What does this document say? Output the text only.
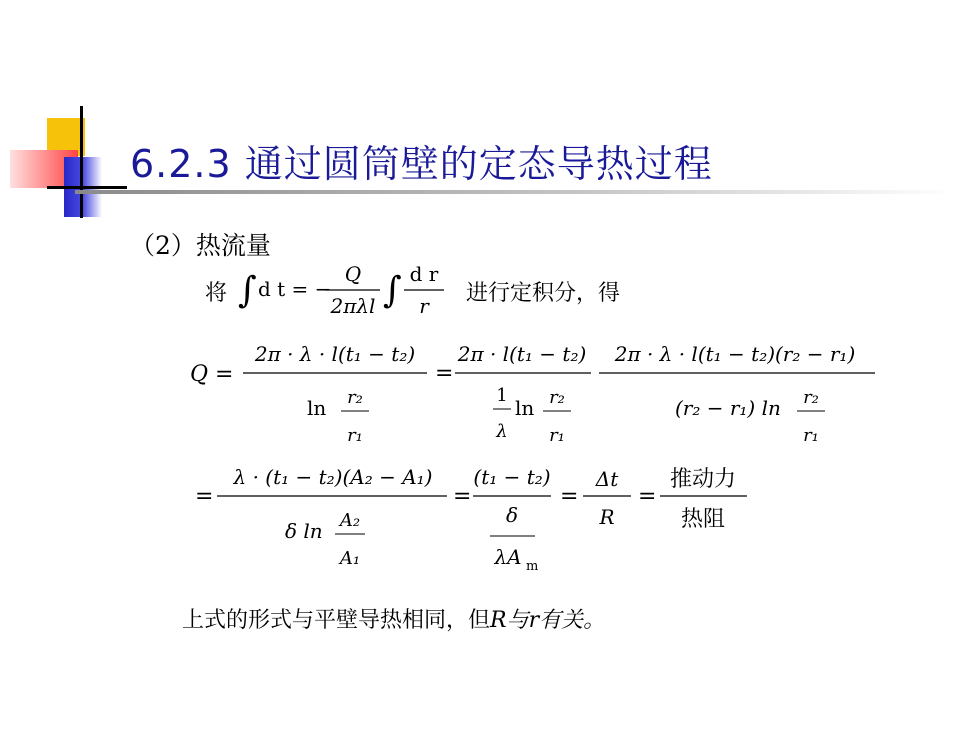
6.2.3 通过圆筒壁的定态导热过程
（2）热流量
将 ∫ d t = −
Q
2πλl ∫ d r
r 进行定积分，得
Q =
2π · λ · l(t₁ − t₂)
ln r₂
r₁
=
2π · l(t₁ − t₂)
1
λ
ln r₂
r₁
2π · λ · l(t₁ − t₂)(r₂ − r₁)
(r₂ − r₁) ln r₂
r₁
=
λ · (t₁ − t₂)(A₂ − A₁)
δ ln A₂
A₁
=
(t₁ − t₂)
δ
λA m
=
Δt
R
=
推动力
热阻
上式的形式与平壁导热相同，但R与r有关。
